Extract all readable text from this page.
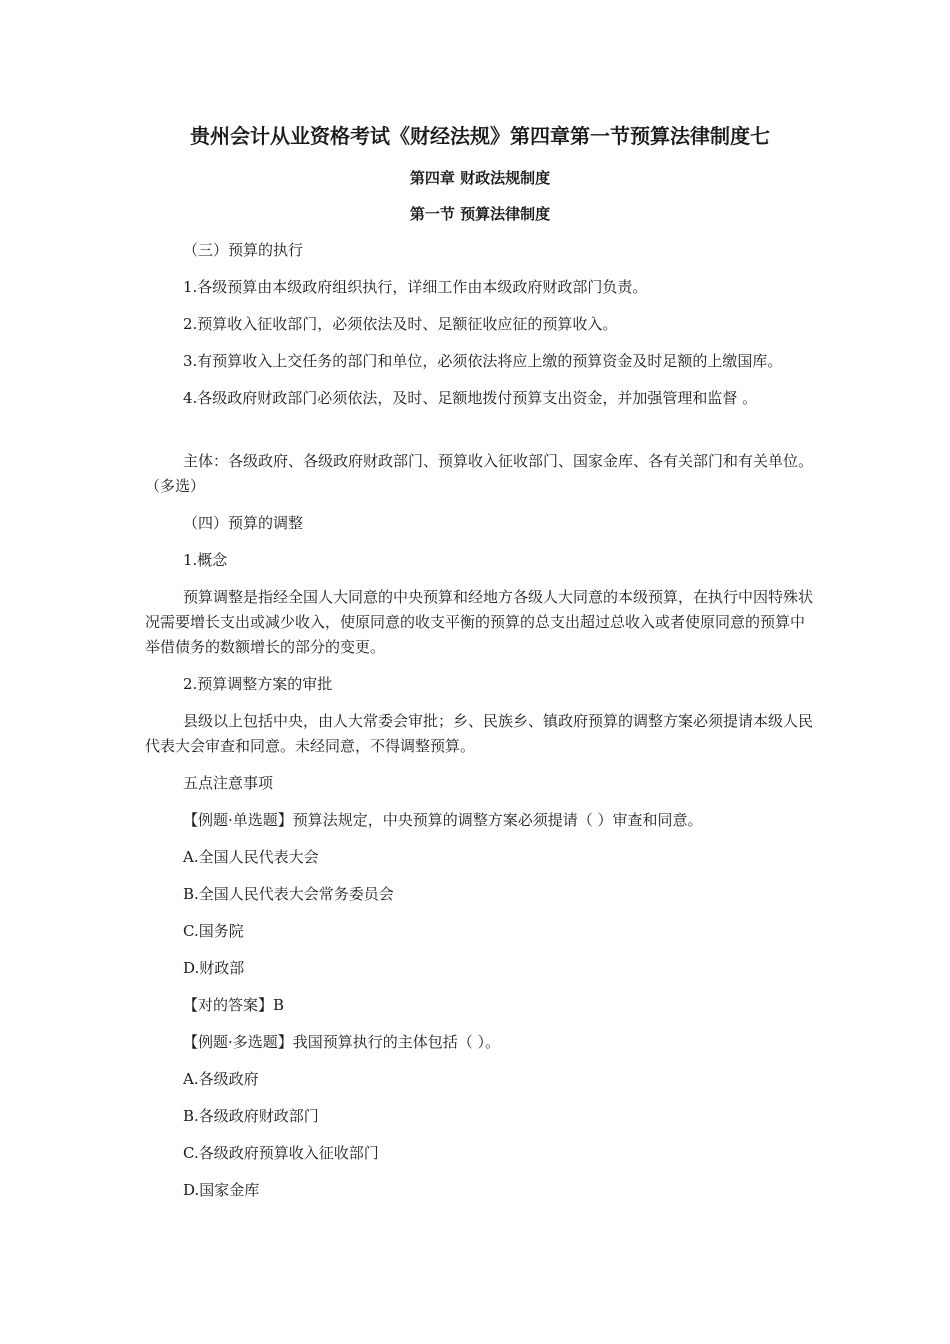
贵州会计从业资格考试《财经法规》第四章第一节预算法律制度七
第四章 财政法规制度
第一节 预算法律制度

（三）预算的执行

1.各级预算由本级政府组织执行，详细工作由本级政府财政部门负责。

2.预算收入征收部门，必须依法及时、足额征收应征的预算收入。

3.有预算收入上交任务的部门和单位，必须依法将应上缴的预算资金及时足额的上缴国库。

4.各级政府财政部门必须依法，及时、足额地拨付预算支出资金，并加强管理和监督 。

主体：各级政府、各级政府财政部门、预算收入征收部门、国家金库、各有关部门和有关单位。（多选）

（四）预算的调整

1.概念

预算调整是指经全国人大同意的中央预算和经地方各级人大同意的本级预算，在执行中因特殊状况需要增长支出或减少收入，使原同意的收支平衡的预算的总支出超过总收入或者使原同意的预算中举借债务的数额增长的部分的变更。

2.预算调整方案的审批

县级以上包括中央，由人大常委会审批；乡、民族乡、镇政府预算的调整方案必须提请本级人民代表大会审查和同意。未经同意，不得调整预算。

五点注意事项

【例题·单选题】预算法规定，中央预算的调整方案必须提请（ ）审查和同意。

A.全国人民代表大会

B.全国人民代表大会常务委员会

C.国务院

D.财政部

【对的答案】B

【例题·多选题】我国预算执行的主体包括（ ）。

A.各级政府

B.各级政府财政部门

C.各级政府预算收入征收部门

D.国家金库
